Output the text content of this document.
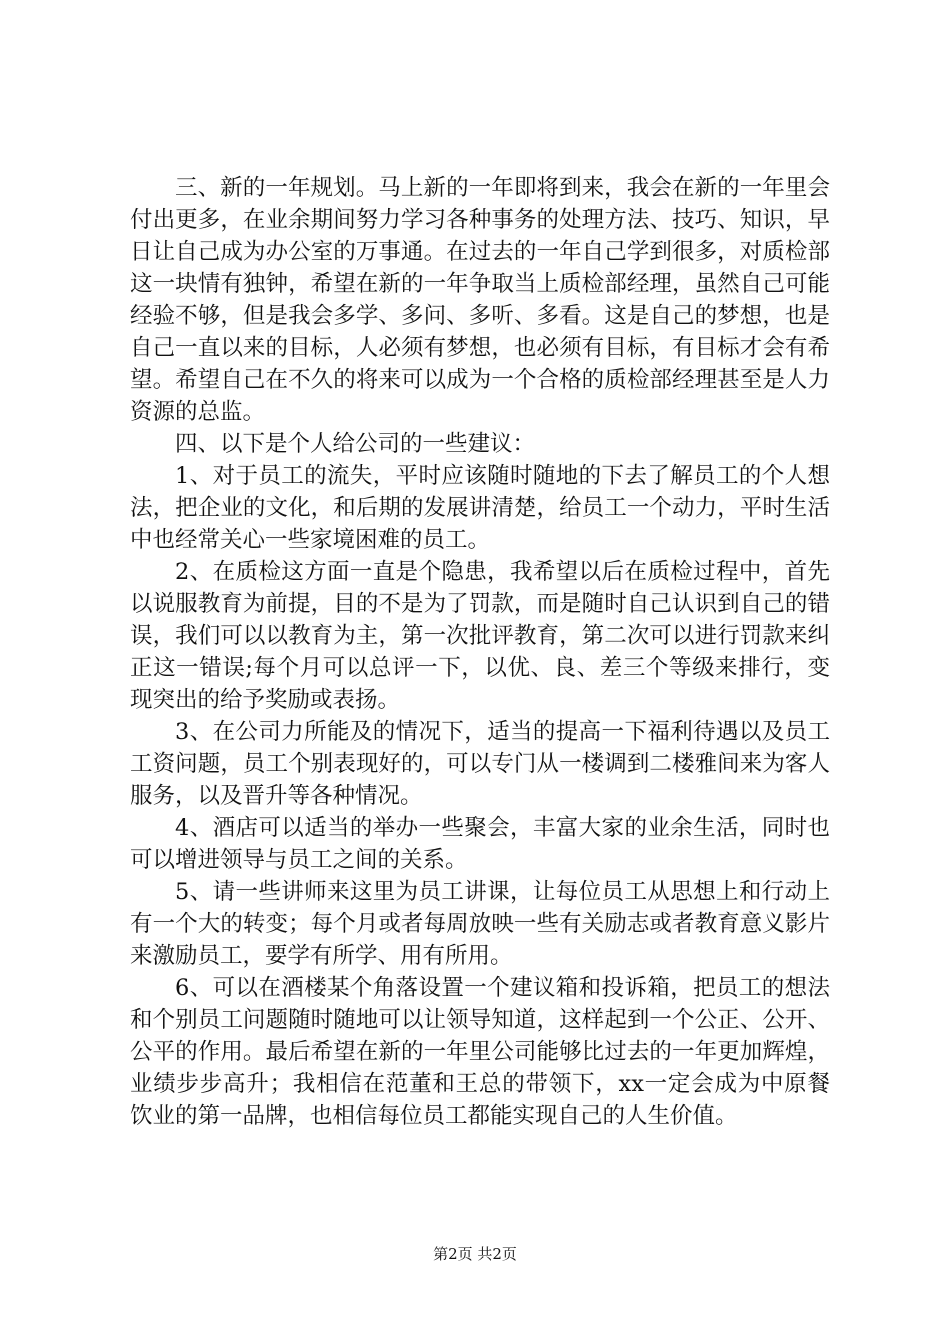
三、新的一年规划。马上新的一年即将到来，我会在新的一年里会付出更多，在业余期间努力学习各种事务的处理方法、技巧、知识，早日让自己成为办公室的万事通。在过去的一年自己学到很多，对质检部这一块情有独钟，希望在新的一年争取当上质检部经理，虽然自己可能经验不够，但是我会多学、多问、多听、多看。这是自己的梦想，也是自己一直以来的目标，人必须有梦想，也必须有目标，有目标才会有希望。希望自己在不久的将来可以成为一个合格的质检部经理甚至是人力资源的总监。

四、以下是个人给公司的一些建议：

1、对于员工的流失，平时应该随时随地的下去了解员工的个人想法，把企业的文化，和后期的发展讲清楚，给员工一个动力，平时生活中也经常关心一些家境困难的员工。

2、在质检这方面一直是个隐患，我希望以后在质检过程中，首先以说服教育为前提，目的不是为了罚款，而是随时自己认识到自己的错误，我们可以以教育为主，第一次批评教育，第二次可以进行罚款来纠正这一错误;每个月可以总评一下，以优、良、差三个等级来排行，变现突出的给予奖励或表扬。

3、在公司力所能及的情况下，适当的提高一下福利待遇以及员工工资问题，员工个别表现好的，可以专门从一楼调到二楼雅间来为客人服务，以及晋升等各种情况。

4、酒店可以适当的举办一些聚会，丰富大家的业余生活，同时也可以增进领导与员工之间的关系。

5、请一些讲师来这里为员工讲课，让每位员工从思想上和行动上有一个大的转变；每个月或者每周放映一些有关励志或者教育意义影片来激励员工，要学有所学、用有所用。

6、可以在酒楼某个角落设置一个建议箱和投诉箱，把员工的想法和个别员工问题随时随地可以让领导知道，这样起到一个公正、公开、公平的作用。最后希望在新的一年里公司能够比过去的一年更加辉煌，业绩步步高升；我相信在范董和王总的带领下，xx一定会成为中原餐饮业的第一品牌，也相信每位员工都能实现自己的人生价值。

第2页 共2页
